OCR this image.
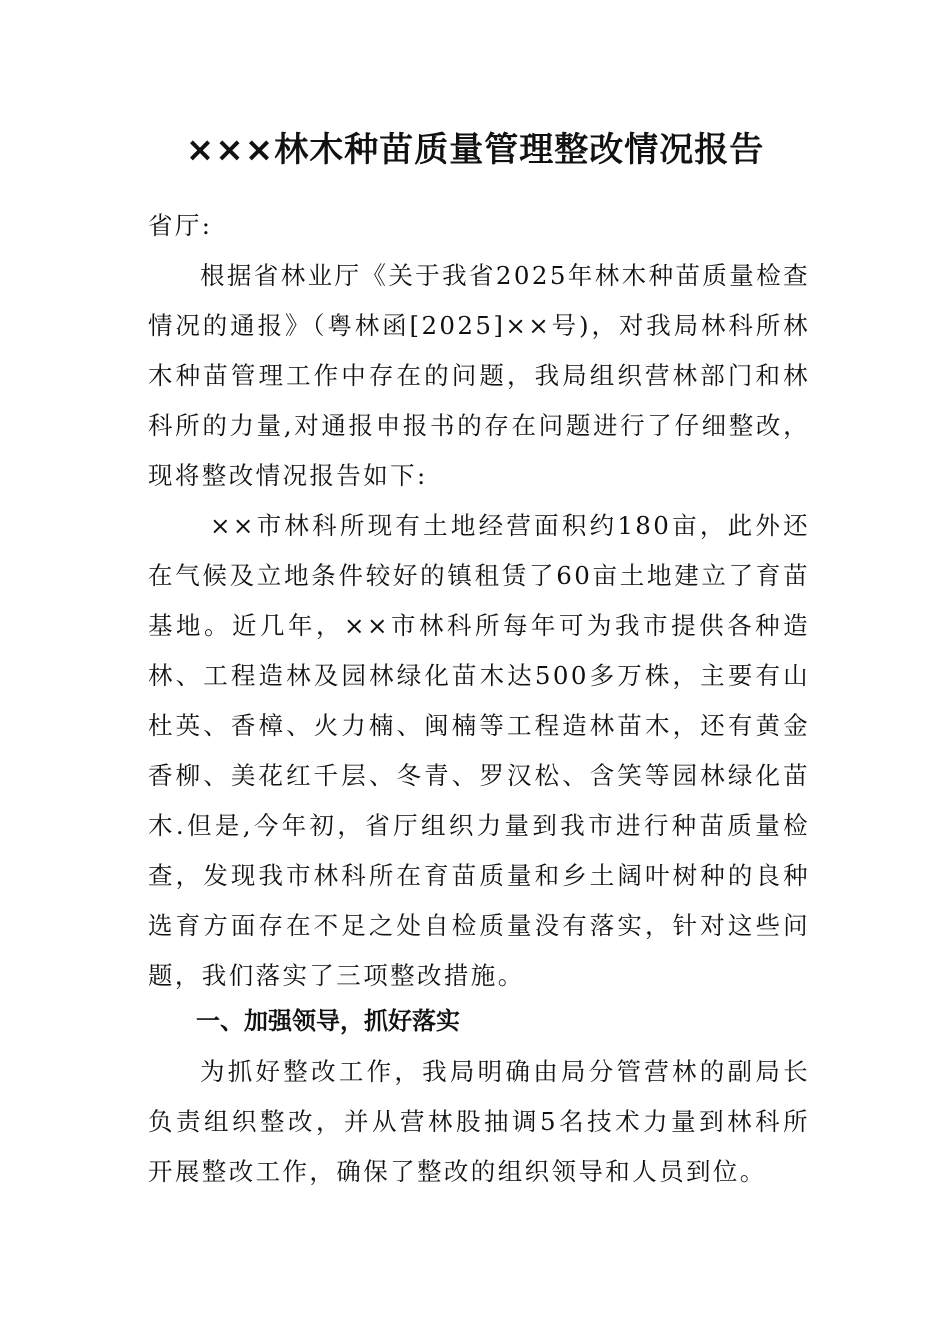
×××林木种苗质量管理整改情况报告

省厅:

根据省林业厅《关于我省2025年林木种苗质量检查情况的通报》（粤林函[2025]××号)，对我局林科所林木种苗管理工作中存在的问题，我局组织营林部门和林科所的力量,对通报申报书的存在问题进行了仔细整改，现将整改情况报告如下:

××市林科所现有土地经营面积约180亩，此外还在气候及立地条件较好的镇租赁了60亩土地建立了育苗基地。近几年，××市林科所每年可为我市提供各种造林、工程造林及园林绿化苗木达500多万株，主要有山杜英、香樟、火力楠、闽楠等工程造林苗木，还有黄金香柳、美花红千层、冬青、罗汉松、含笑等园林绿化苗木.但是,今年初，省厅组织力量到我市进行种苗质量检查，发现我市林科所在育苗质量和乡土阔叶树种的良种选育方面存在不足之处自检质量没有落实，针对这些问题，我们落实了三项整改措施。

一、加强领导，抓好落实

为抓好整改工作，我局明确由局分管营林的副局长负责组织整改，并从营林股抽调5名技术力量到林科所开展整改工作，确保了整改的组织领导和人员到位。
